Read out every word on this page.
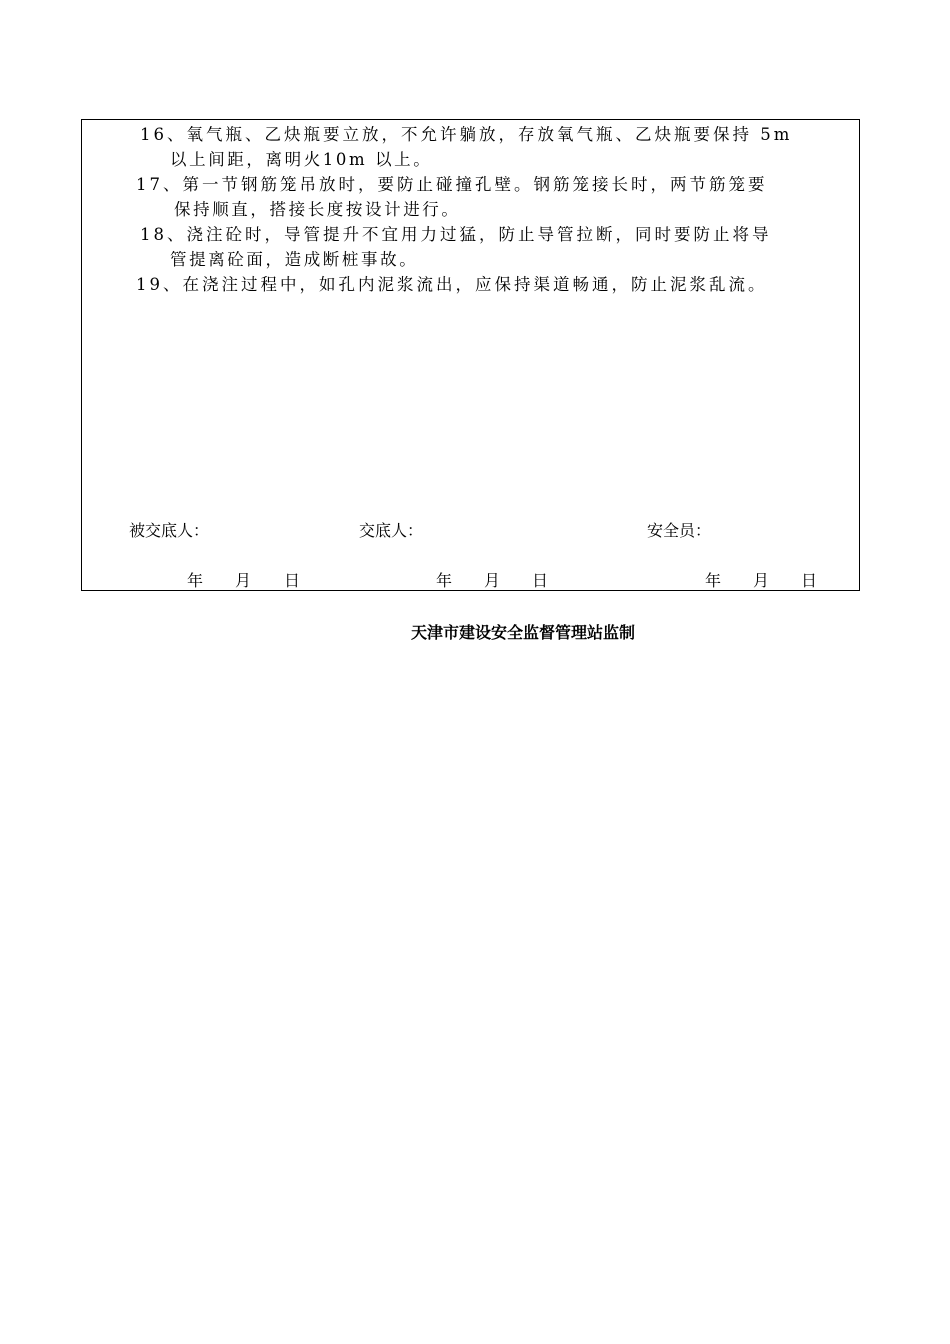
16、氧气瓶、乙炔瓶要立放，不允许躺放，存放氧气瓶、乙炔瓶要保持 5m
以上间距，离明火10m 以上。
17、第一节钢筋笼吊放时，要防止碰撞孔壁。钢筋笼接长时，两节筋笼要
保持顺直，搭接长度按设计进行。
18、浇注砼时，导管提升不宜用力过猛，防止导管拉断，同时要防止将导
管提离砼面，造成断桩事故。
19、在浇注过程中，如孔内泥浆流出，应保持渠道畅通，防止泥浆乱流。
被交底人：	交底人：	安全员：
年 月 日	年 月 日	年 月 日
天津市建设安全监督管理站监制
